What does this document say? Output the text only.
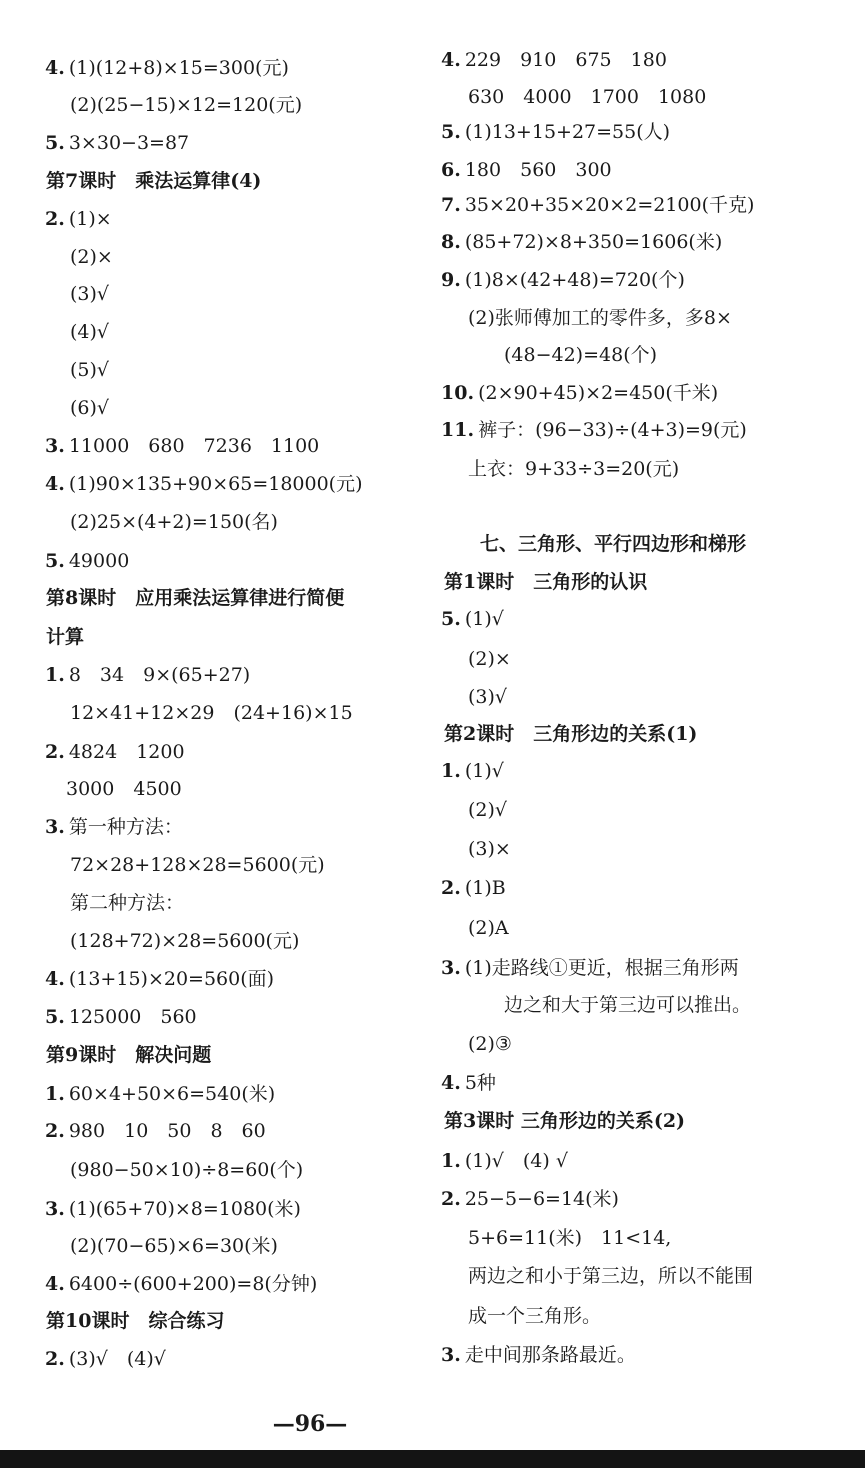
4. (1)(12+8)×15=300(元)
(2)(25−15)×12=120(元)
5. 3×30−3=87
第7课时　乘法运算律(4)
2. (1)×
(2)×
(3)√
(4)√
(5)√
(6)√
3. 11000　680　7236　1100
4. (1)90×135+90×65=18000(元)
(2)25×(4+2)=150(名)
5. 49000
第8课时　应用乘法运算律进行简便
计算
1. 8　34　9×(65+27)
12×41+12×29　(24+16)×15
2. 4824　1200
3000　4500
3. 第一种方法：
72×28+128×28=5600(元)
第二种方法：
(128+72)×28=5600(元)
4. (13+15)×20=560(面)
5. 125000　560
第9课时　解决问题
1. 60×4+50×6=540(米)
2. 980　10　50　8　60
(980−50×10)÷8=60(个)
3. (1)(65+70)×8=1080(米)
(2)(70−65)×6=30(米)
4. 6400÷(600+200)=8(分钟)
第10课时　综合练习
2. (3)√　(4)√
4. 229　910　675　180
630　4000　1700　1080
5. (1)13+15+27=55(人)
6. 180　560　300
7. 35×20+35×20×2=2100(千克)
8. (85+72)×8+350=1606(米)
9. (1)8×(42+48)=720(个)
(2)张师傅加工的零件多，多8×
(48−42)=48(个)
10. (2×90+45)×2=450(千米)
11. 裤子：(96−33)÷(4+3)=9(元)
上衣：9+33÷3=20(元)
七、三角形、平行四边形和梯形
第1课时　三角形的认识
5. (1)√
(2)×
(3)√
第2课时　三角形边的关系(1)
1. (1)√
(2)√
(3)×
2. (1)B
(2)A
3. (1)走路线①更近，根据三角形两
边之和大于第三边可以推出。
(2)③
4. 5种
第3课时 三角形边的关系(2)
1. (1)√　(4) √
2. 25−5−6=14(米)
5+6=11(米)　11<14,
两边之和小于第三边，所以不能围
成一个三角形。
3. 走中间那条路最近。
—96—
